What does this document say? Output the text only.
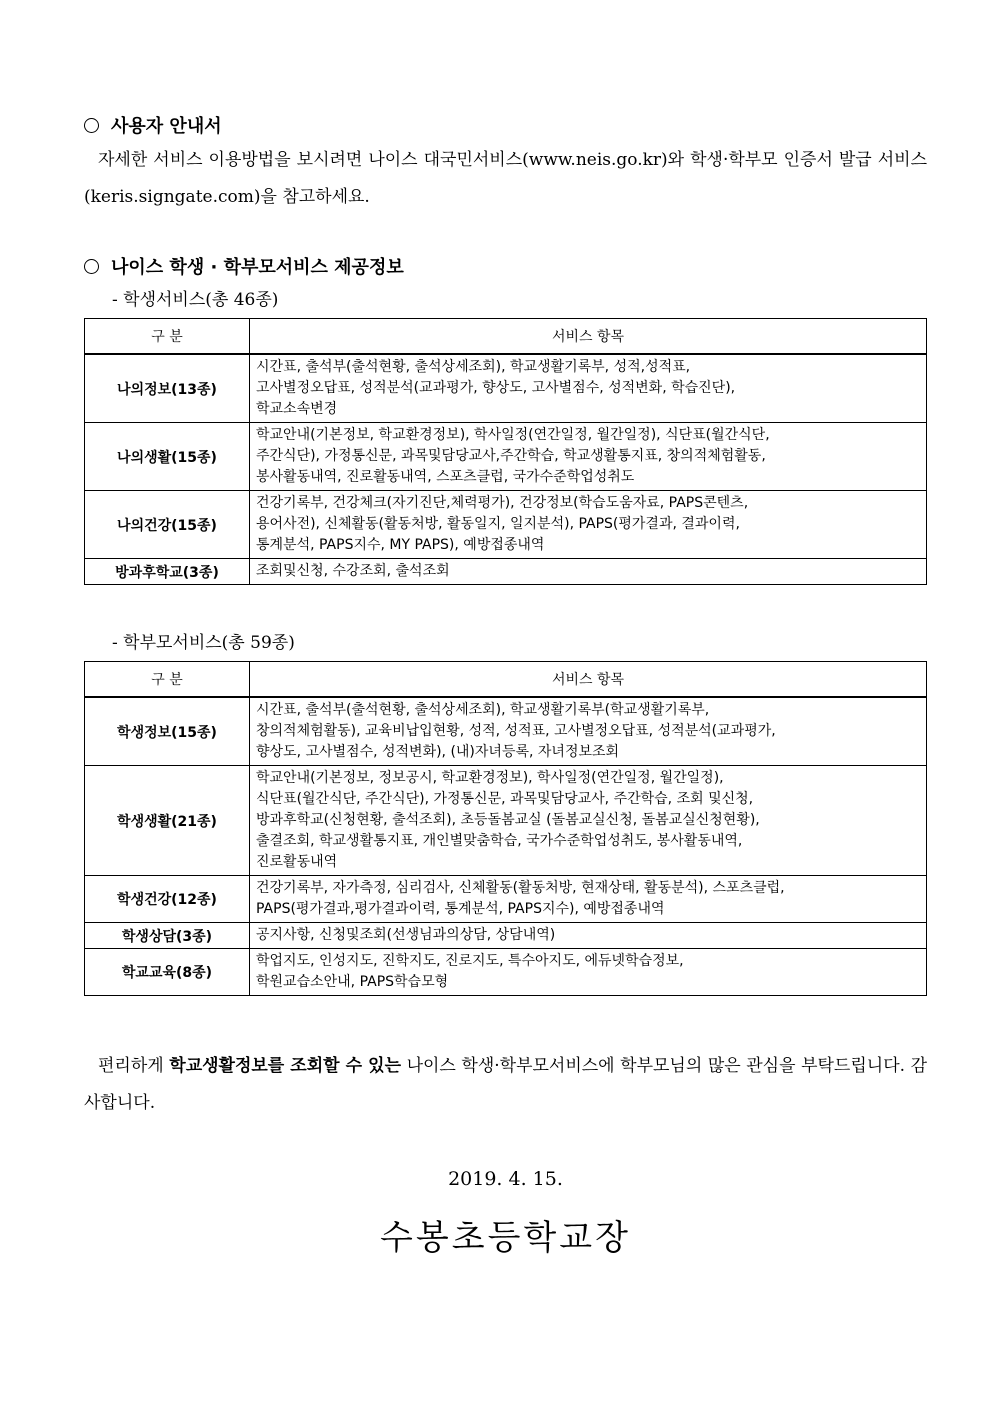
사용자 안내서
자세한 서비스 이용방법을 보시려면 나이스 대국민서비스(www.neis.go.kr)와 학생·학부모 인증서 발급 서비스(keris.signgate.com)을 참고하세요.
나이스 학생 · 학부모서비스 제공정보
- 학생서비스(총 46종)
구 분	서비스 항목
나의정보(13종)	시간표, 출석부(출석현황, 출석상세조회), 학교생활기록부, 성적,성적표,
고사별정오답표, 성적분석(교과평가, 향상도, 고사별점수, 성적변화, 학습진단),
학교소속변경

나의생활(15종)	학교안내(기본정보, 학교환경정보), 학사일정(연간일정, 월간일정), 식단표(월간식단,
주간식단), 가정통신문, 과목및담당교사,주간학습, 학교생활통지표, 창의적체험활동,
봉사활동내역, 진로활동내역, 스포츠클럽, 국가수준학업성취도

나의건강(15종)	건강기록부, 건강체크(자기진단,체력평가), 건강정보(학습도움자료, PAPS콘텐츠,
용어사전), 신체활동(활동처방, 활동일지, 일지분석), PAPS(평가결과, 결과이력,
통계분석, PAPS지수, MY PAPS), 예방접종내역

방과후학교(3종)	조회및신청, 수강조회, 출석조회
- 학부모서비스(총 59종)
구 분	서비스 항목
학생정보(15종)	시간표, 출석부(출석현황, 출석상세조회), 학교생활기록부(학교생활기록부,
창의적체험활동), 교육비납입현황, 성적, 성적표, 고사별정오답표, 성적분석(교과평가,
향상도, 고사별점수, 성적변화), (내)자녀등록, 자녀정보조회

학생생활(21종)	학교안내(기본정보, 정보공시, 학교환경정보), 학사일정(연간일정, 월간일정),
식단표(월간식단, 주간식단), 가정통신문, 과목및담당교사, 주간학습, 조회 및신청,
방과후학교(신청현황, 출석조회), 초등돌봄교실 (돌봄교실신청, 돌봄교실신청현황),
출결조회, 학교생활통지표, 개인별맞춤학습, 국가수준학업성취도, 봉사활동내역,
진로활동내역

학생건강(12종)	건강기록부, 자가측정, 심리검사, 신체활동(활동처방, 현재상태, 활동분석), 스포츠클럽,
PAPS(평가결과,평가결과이력, 통계분석, PAPS지수), 예방접종내역

학생상담(3종)	공지사항, 신청및조회(선생님과의상담, 상담내역)

학교교육(8종)	학업지도, 인성지도, 진학지도, 진로지도, 특수아지도, 에듀넷학습정보,
학원교습소안내, PAPS학습모형
편리하게 학교생활정보를 조회할 수 있는 나이스 학생·학부모서비스에 학부모님의 많은 관심을 부탁드립니다. 감사합니다.
2019. 4. 15.
수봉초등학교장
